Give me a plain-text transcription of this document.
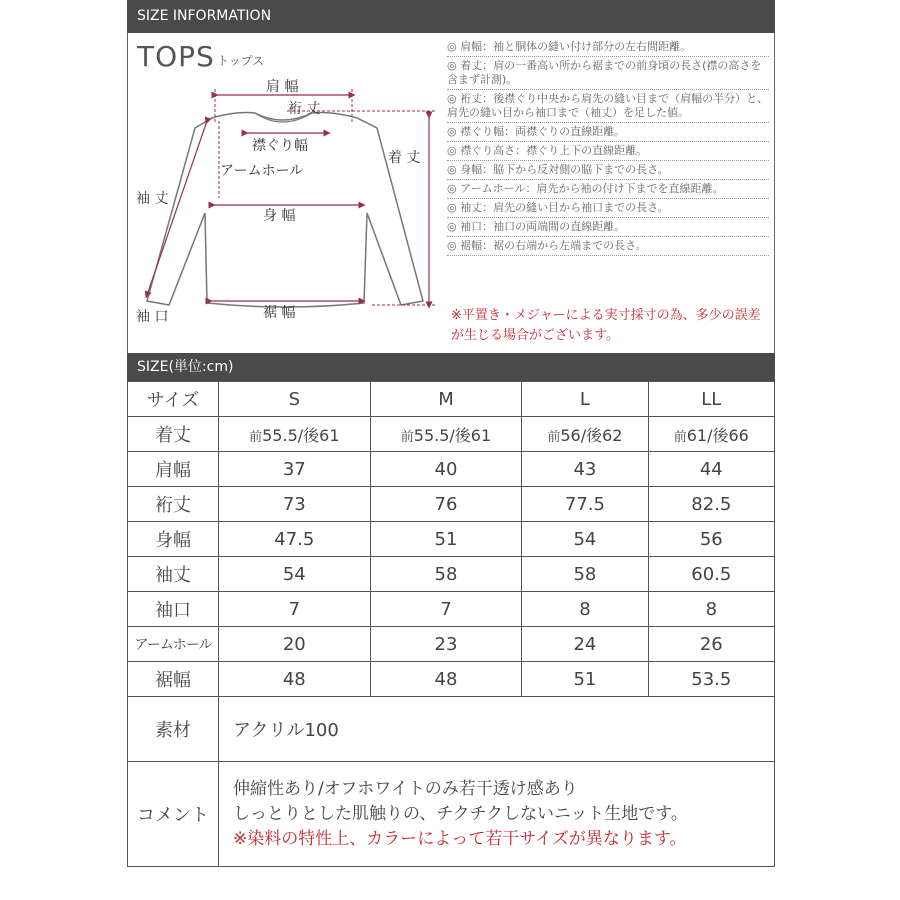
SIZE INFORMATION
TOPS トップス
肩 幅
裄 丈
襟ぐり幅
アームホール
着 丈
袖 丈
身 幅
袖 口	裾 幅
◎ 肩幅：袖と胴体の縫い付け部分の左右間距離。
◎ 着丈：肩の一番高い所から裾までの前身頃の長さ(襟の高さを含まず計測)。
◎ 裄丈：後襟ぐり中央から肩先の縫い目まで（肩幅の半分）と、肩先の縫い目から袖口まで（袖丈）を足した値。
◎ 襟ぐり幅：両襟ぐりの直線距離。
◎ 襟ぐり高さ：襟ぐり上下の直線距離。
◎ 身幅：脇下から反対側の脇下までの長さ。
◎ アームホール：肩先から袖の付け下までを直線距離。
◎ 袖丈：肩先の縫い目から袖口までの長さ。
◎ 袖口：袖口の両端間の直線距離。
◎ 裾幅：裾の右端から左端までの長さ。
※平置き・メジャーによる実寸採寸の為、多少の誤差が生じる場合がございます。
SIZE(単位:cm)
サイズ	S	M	L	LL
着丈	前55.5/後61	前55.5/後61	前56/後62	前61/後66
肩幅	37	40	43	44
裄丈	73	76	77.5	82.5
身幅	47.5	51	54	56
袖丈	54	58	58	60.5
袖口	7	7	8	8
アームホール	20	23	24	26
裾幅	48	48	51	53.5
素材	アクリル100			
コメント	伸縮性あり/オフホワイトのみ若干透け感あり
しっとりとした肌触りの、チクチクしないニット生地です。
※染料の特性上、カラーによって若干サイズが異なります。			
